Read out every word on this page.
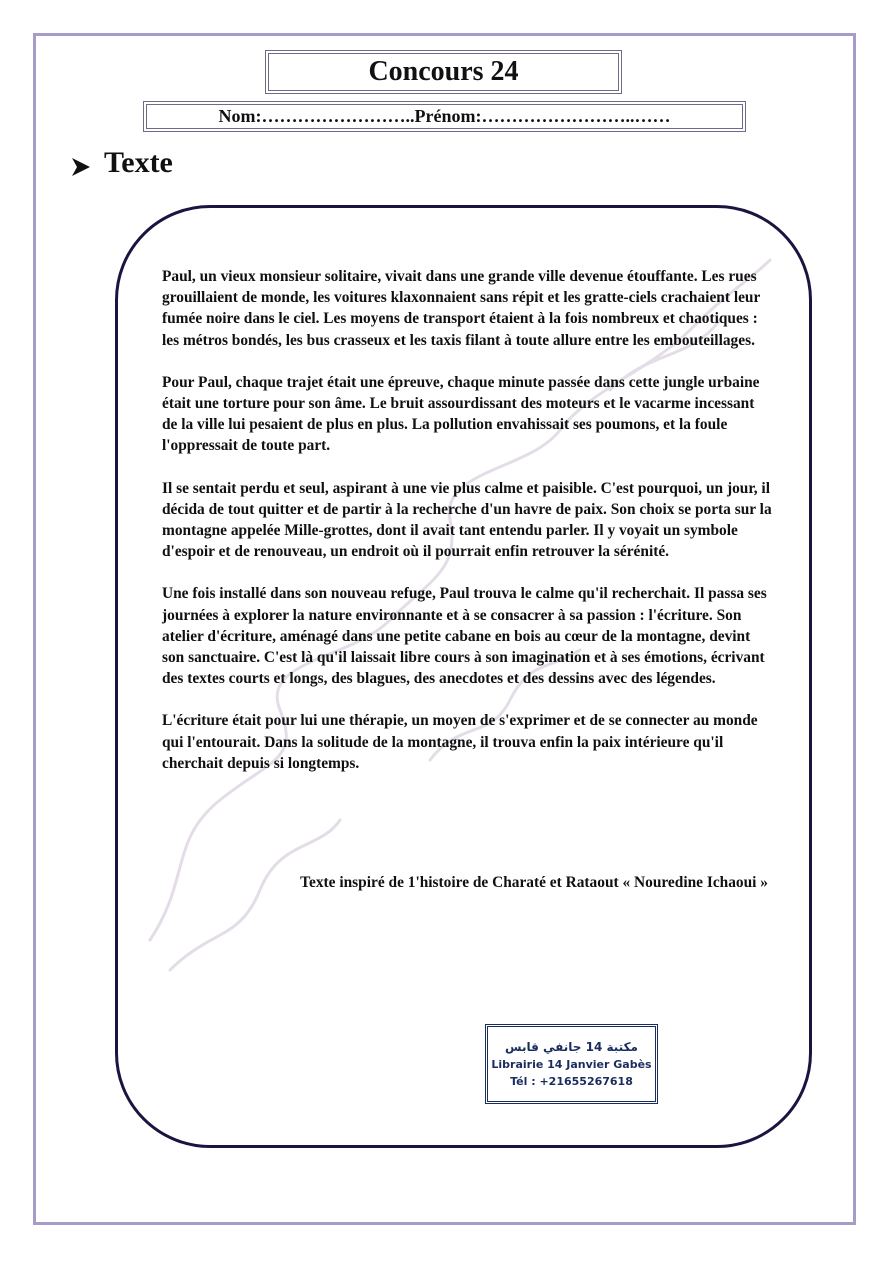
Concours 24
Nom:……………………..Prénom:……………………..……
Texte

Paul, un vieux monsieur solitaire, vivait dans une grande ville devenue étouffante. Les rues grouillaient de monde, les voitures klaxonnaient sans répit et les gratte-ciels crachaient leur fumée noire dans le ciel. Les moyens de transport étaient à la fois nombreux et chaotiques : les métros bondés, les bus crasseux et les taxis filant à toute allure entre les embouteillages.

Pour Paul, chaque trajet était une épreuve, chaque minute passée dans cette jungle urbaine était une torture pour son âme. Le bruit assourdissant des moteurs et le vacarme incessant de la ville lui pesaient de plus en plus. La pollution envahissait ses poumons, et la foule l'oppressait de toute part.

Il se sentait perdu et seul, aspirant à une vie plus calme et paisible. C'est pourquoi, un jour, il décida de tout quitter et de partir à la recherche d'un havre de paix. Son choix se porta sur la montagne appelée Mille-grottes, dont il avait tant entendu parler. Il y voyait un symbole d'espoir et de renouveau, un endroit où il pourrait enfin retrouver la sérénité.

Une fois installé dans son nouveau refuge, Paul trouva le calme qu'il recherchait. Il passa ses journées à explorer la nature environnante et à se consacrer à sa passion : l'écriture. Son atelier d'écriture, aménagé dans une petite cabane en bois au cœur de la montagne, devint son sanctuaire. C'est là qu'il laissait libre cours à son imagination et à ses émotions, écrivant des textes courts et longs, des blagues, des anecdotes et des dessins avec des légendes.

L'écriture était pour lui une thérapie, un moyen de s'exprimer et de se connecter au monde qui l'entourait. Dans la solitude de la montagne, il trouva enfin la paix intérieure qu'il cherchait depuis si longtemps.

Texte inspiré de 1'histoire de Charaté et Rataout « Nouredine Ichaoui »
مكتبة 14 جانفي قابس
Librairie 14 Janvier Gabès
Tél : +21655267618
